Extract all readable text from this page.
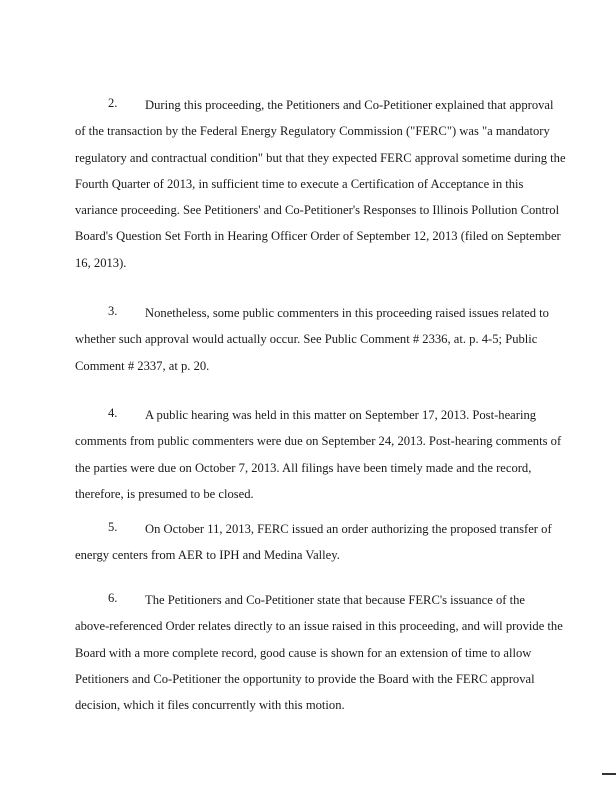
2.	During this proceeding, the Petitioners and Co-Petitioner explained that approval
of the transaction by the Federal Energy Regulatory Commission ("FERC") was "a mandatory
regulatory and contractual condition" but that they expected FERC approval sometime during the
Fourth Quarter of 2013, in sufficient time to execute a Certification of Acceptance in this
variance proceeding. See Petitioners' and Co-Petitioner's Responses to Illinois Pollution Control
Board's Question Set Forth in Hearing Officer Order of September 12, 2013 (filed on September
16, 2013).
3.	Nonetheless, some public commenters in this proceeding raised issues related to
whether such approval would actually occur. See Public Comment # 2336, at. p. 4-5; Public
Comment # 2337, at p. 20.
4.	A public hearing was held in this matter on September 17, 2013. Post-hearing
comments from public commenters were due on September 24, 2013. Post-hearing comments of
the parties were due on October 7, 2013. All filings have been timely made and the record,
therefore, is presumed to be closed.
5.	On October 11, 2013, FERC issued an order authorizing the proposed transfer of
energy centers from AER to IPH and Medina Valley.
6.	The Petitioners and Co-Petitioner state that because FERC's issuance of the
above-referenced Order relates directly to an issue raised in this proceeding, and will provide the
Board with a more complete record, good cause is shown for an extension of time to allow
Petitioners and Co-Petitioner the opportunity to provide the Board with the FERC approval
decision, which it files concurrently with this motion.
